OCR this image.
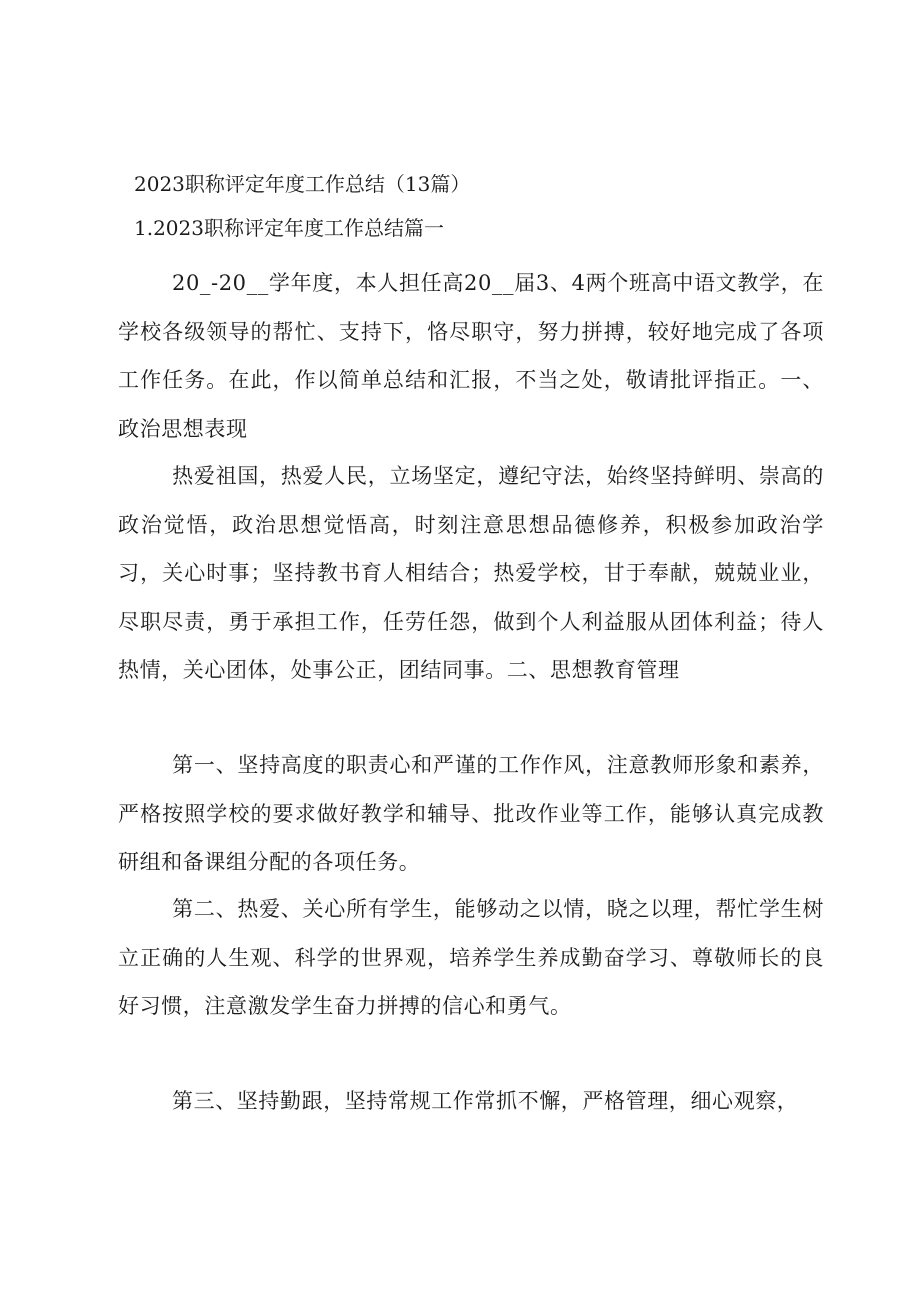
2023职称评定年度工作总结（13篇）
1.2023职称评定年度工作总结篇一
20_-20__学年度，本人担任高20__届3、4两个班高中语文教学，在学校各级领导的帮忙、支持下，恪尽职守，努力拼搏，较好地完成了各项工作任务。在此，作以简单总结和汇报，不当之处，敬请批评指正。一、政治思想表现
热爱祖国，热爱人民，立场坚定，遵纪守法，始终坚持鲜明、崇高的政治觉悟，政治思想觉悟高，时刻注意思想品德修养，积极参加政治学习，关心时事；坚持教书育人相结合；热爱学校，甘于奉献，兢兢业业，尽职尽责，勇于承担工作，任劳任怨，做到个人利益服从团体利益；待人热情，关心团体，处事公正，团结同事。二、思想教育管理
第一、坚持高度的职责心和严谨的工作作风，注意教师形象和素养，严格按照学校的要求做好教学和辅导、批改作业等工作，能够认真完成教研组和备课组分配的各项任务。
第二、热爱、关心所有学生，能够动之以情，晓之以理，帮忙学生树立正确的人生观、科学的世界观，培养学生养成勤奋学习、尊敬师长的良好习惯，注意激发学生奋力拼搏的信心和勇气。
第三、坚持勤跟，坚持常规工作常抓不懈，严格管理，细心观察，
